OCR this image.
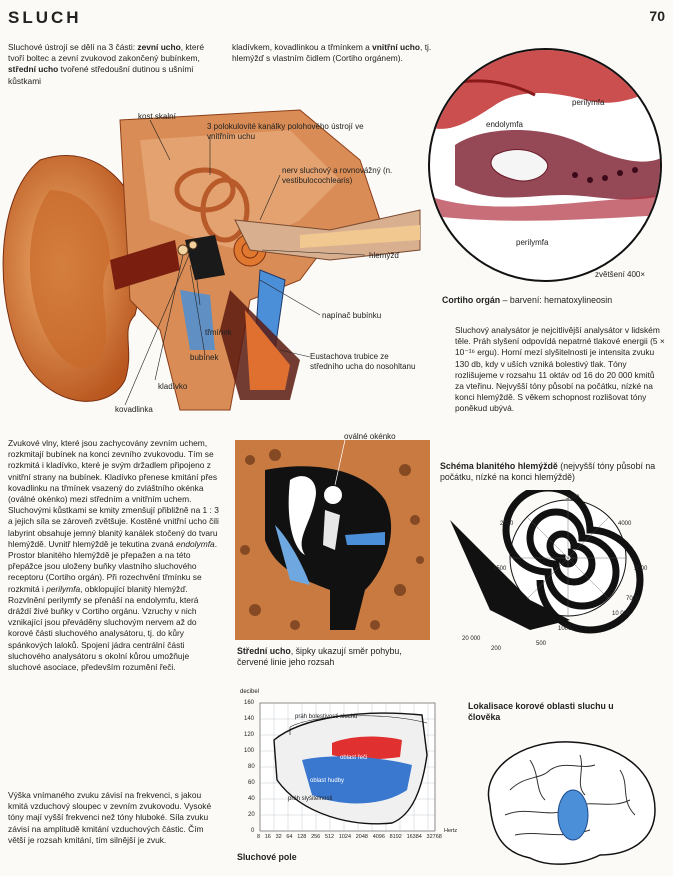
SLUCH	70
Sluchové ústrojí se dělí na 3 části: zevní ucho, které tvoří boltec a zevní zvukovod zakončený bubínkem, střední ucho tvořené středoušní dutinou s ušními kůstkami
kladívkem, kovadlinkou a třmínkem a vnitřní ucho, tj. hlemýžď s vlastním čidlem (Cortiho orgánem).
kost skalní
3 polokulovité kanálky polohového ústrojí ve vnitřním uchu
nerv sluchový a rovnovážný (n. vestibulocochlearis)
hlemýžď
napínač bubínku
Eustachova trubice ze středního ucha do nosohltanu
třmínek
bubínek
kladívko
kovadlinka
perilymfa
endolymfa
perilymfa
zvětšení 400×
Cortiho orgán – barvení: hematoxylineosin
Sluchový analysátor je nejcitlivější analysátor v lidském těle. Práh slyšení odpovídá nepatrné tlakové energii (5 × 10⁻¹⁶ ergu). Horní mezí slyšitelnosti je intensita zvuku 130 db, kdy v uších vzniká bolestivý tlak. Tóny rozlišujeme v rozsahu 11 oktáv od 16 do 20 000 kmitů za vteřinu. Nejvyšší tóny působí na počátku, nízké na konci hlemýždě. S věkem schopnost rozlišovat tóny poněkud ubývá.
Zvukové vlny, které jsou zachycovány zevním uchem, rozkmitají bubínek na konci zevního zvukovodu. Tím se rozkmitá i kladívko, které je svým držadlem připojeno z vnitřní strany na bubínek. Kladívko přenese kmitání přes kovadlinku na třmínek vsazený do zvláštního okénka (oválné okénko) mezi středním a vnitřním uchem. Sluchovými kůstkami se kmity zmenšují přibližně na 1 : 3 a jejich síla se zároveň zvětšuje. Kostěné vnitřní ucho čili labyrint obsahuje jemný blanitý kanálek stočený do tvaru hlemýždě. Uvnitř hlemýždě je tekutina zvaná endolymfa. Prostor blanitého hlemýždě je přepažen a na této přepážce jsou uloženy buňky vlastního sluchového receptoru (Cortiho orgán). Při rozechvění třmínku se rozkmitá i perilymfa, obklopující blanitý hlemýžď. Rozvlnění perilymfy se přenáší na endolymfu, která dráždí živé buňky v Cortiho orgánu. Vzruchy v nich vznikající jsou převáděny sluchovým nervem až do korové části sluchového analysátoru, tj. do kůry spánkových laloků. Spojení jádra centrální části sluchového analysátoru s okolní kůrou umožňuje sluchové asociace, především rozumění řeči.
Výška vnímaného zvuku závisí na frekvenci, s jakou kmitá vzduchový sloupec v zevním zvukovodu. Vysoké tóny mají vyšší frekvenci než tóny hluboké. Síla zvuku závisí na amplitudě kmitání vzduchových částic. Čím větší je rozsah kmitání, tím silnější je zvuk.
oválné okénko
Střední ucho, šipky ukazují směr pohybu, červené linie jeho rozsah
Schéma blanitého hlemýždě (nejvyšší tóny působí na počátku, nízké na konci hlemýždě)
3000
2000	4000
5000
1500
1000
500
200
20 000
10 000
7000
decibel
160
140
120
100
80
60
40
20
0
8 16 32 64 128 256 512 1024 2048 4096 8192 16384 32768
Hertz
práh bolestivosti sluchu
oblast řeči
oblast hudby
práh slyšitelnosti
Sluchové pole
Lokalisace korové oblasti sluchu u člověka
